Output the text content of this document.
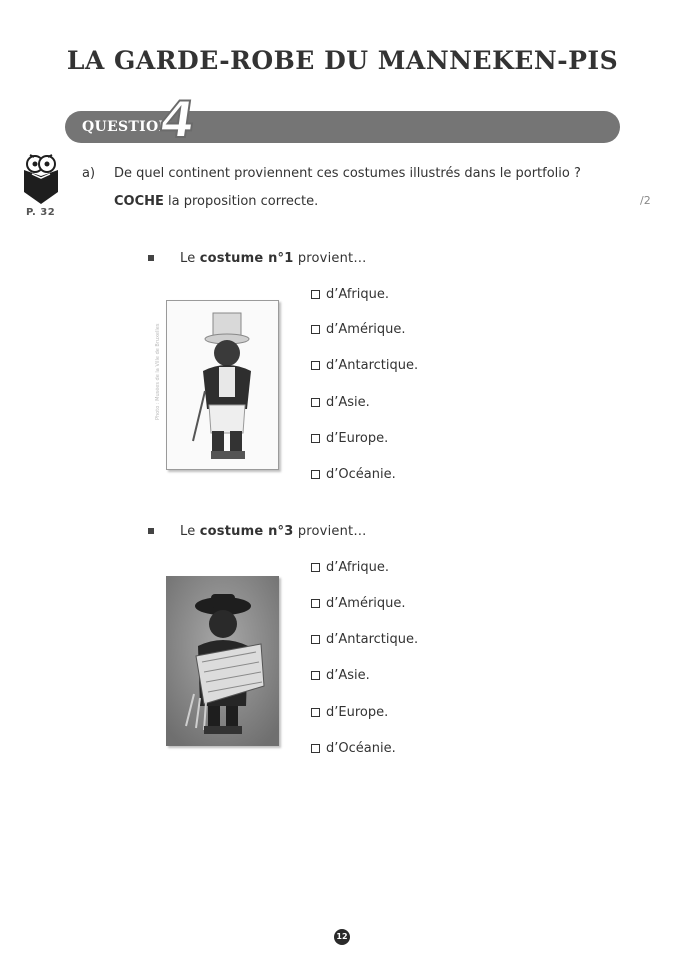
LA GARDE-ROBE DU MANNEKEN-PIS
QUESTION
4
P. 32
/2
a) De quel continent proviennent ces costumes illustrés dans le portfolio ?
COCHE la proposition correcte.
Le costume n°1 provient…
Photo : Musées de la Ville de Bruxelles
d’Afrique.
d’Amérique.
d’Antarctique.
d’Asie.
d’Europe.
d’Océanie.
Le costume n°3 provient…
d’Afrique.
d’Amérique.
d’Antarctique.
d’Asie.
d’Europe.
d’Océanie.
12
